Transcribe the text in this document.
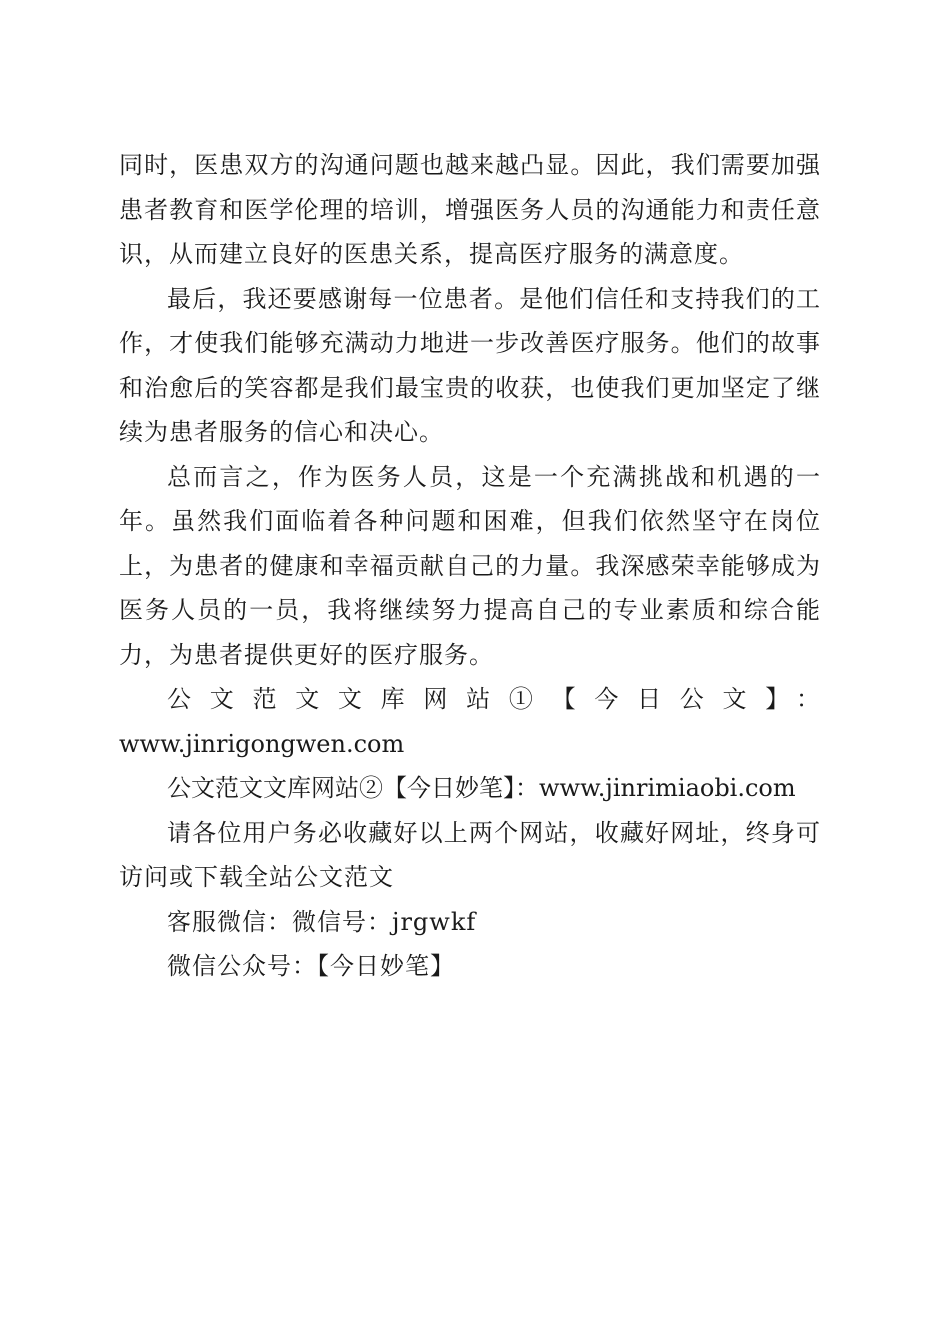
同时，医患双方的沟通问题也越来越凸显。因此，我们需要加强患者教育和医学伦理的培训，增强医务人员的沟通能力和责任意识，从而建立良好的医患关系，提高医疗服务的满意度。

最后，我还要感谢每一位患者。是他们信任和支持我们的工作，才使我们能够充满动力地进一步改善医疗服务。他们的故事和治愈后的笑容都是我们最宝贵的收获，也使我们更加坚定了继续为患者服务的信心和决心。

总而言之，作为医务人员，这是一个充满挑战和机遇的一年。虽然我们面临着各种问题和困难，但我们依然坚守在岗位上，为患者的健康和幸福贡献自己的力量。我深感荣幸能够成为医务人员的一员，我将继续努力提高自己的专业素质和综合能力，为患者提供更好的医疗服务。

公文范文文库网站①【今日公文】：

www.jinrigongwen.com

公文范文文库网站②【今日妙笔】：www.jinrimiaobi.com

请各位用户务必收藏好以上两个网站，收藏好网址，终身可访问或下载全站公文范文

客服微信：微信号：jrgwkf

微信公众号：【今日妙笔】
